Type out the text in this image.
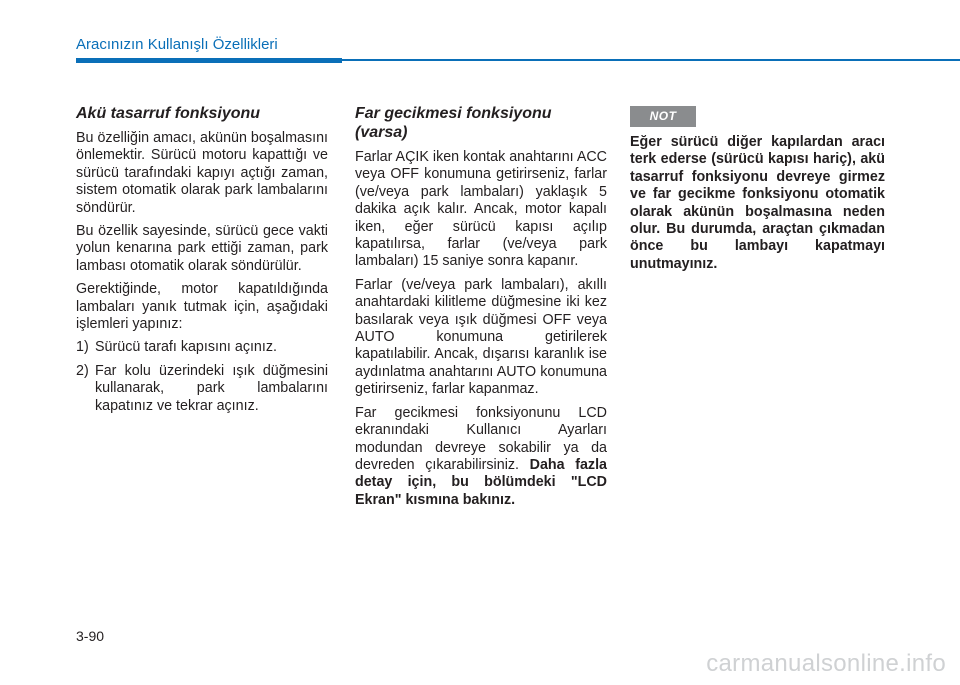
Aracınızın Kullanışlı Özellikleri
Akü tasarruf fonksiyonu

Bu özelliğin amacı, akünün boşalmasını önlemektir. Sürücü motoru kapattığı ve sürücü tarafındaki kapıyı açtığı zaman, sistem otomatik olarak park lambalarını söndürür.

Bu özellik sayesinde, sürücü gece vakti yolun kenarına park ettiği zaman, park lambası otomatik olarak söndürülür.

Gerektiğinde, motor kapatıldığında lambaları yanık tutmak için, aşağıdaki işlemleri yapınız:

1) Sürücü tarafı kapısını açınız.
2) Far kolu üzerindeki ışık düğmesini kullanarak, park lambalarını kapatınız ve tekrar açınız.
Far gecikmesi fonksiyonu (varsa)

Farlar AÇIK iken kontak anahtarını ACC veya OFF konumuna getirirseniz, farlar (ve/veya park lambaları) yaklaşık 5 dakika açık kalır. Ancak, motor kapalı iken, eğer sürücü kapısı açılıp kapatılırsa, farlar (ve/veya park lambaları) 15 saniye sonra kapanır.

Farlar (ve/veya park lambaları), akıllı anahtardaki kilitleme düğmesine iki kez basılarak veya ışık düğmesi OFF veya AUTO konumuna getirilerek kapatılabilir. Ancak, dışarısı karanlık ise aydınlatma anahtarını AUTO konumuna getirirseniz, farlar kapanmaz.

Far gecikmesi fonksiyonunu LCD ekranındaki Kullanıcı Ayarları modundan devreye sokabilir ya da devreden çıkarabilirsiniz. Daha fazla detay için, bu bölümdeki "LCD Ekran" kısmına bakınız.

NOT
Eğer sürücü diğer kapılardan aracı terk ederse (sürücü kapısı hariç), akü tasarruf fonksiyonu devreye girmez ve far gecikme fonksiyonu otomatik olarak akünün boşalmasına neden olur. Bu durumda, araçtan çıkmadan önce bu lambayı kapatmayı unutmayınız.
3-90
carmanualsonline.info
